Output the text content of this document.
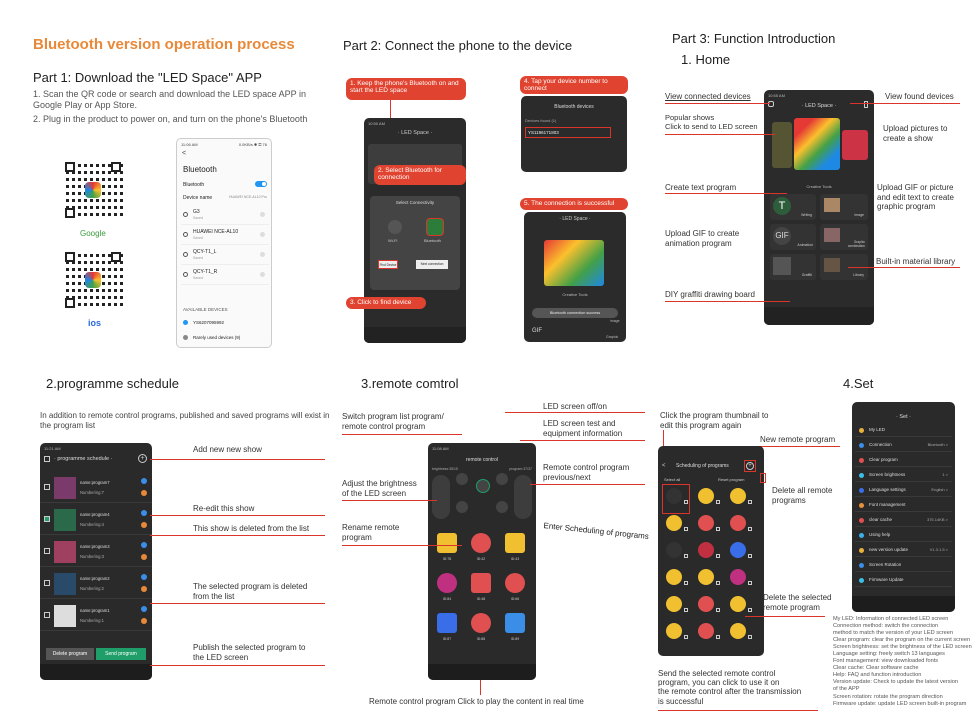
Bluetooth version operation process
Part 1: Download the "LED Space" APP
1. Scan the QR code or search and download the LED space APP in Google Play or App Store.
2. Plug in the product to power on, and turn on the phone's Bluetooth
Google
ios
11:06 AM	0.0KB/s ✱ ⚿ 76
<
Bluetooth
Bluetooth
Device name	HUAWEI NCE-AL10 Pro
G3
Saved
HUAWEI NCE-AL10
Saved
QCY-T1_L
Saved
QCY-T1_R
Saved
AVAILABLE DEVICES
YS6207095992
Rarely used devices (9)
Part 2: Connect the phone to the device
1. Keep the phone's Bluetooth on and start the LED space
10:50 AM
· LED Space ·
Select Connectivity
Wi-Fi	Bluetooth
Find Device	Next connection
2. Select Bluetooth for connection
3. Click to find device
4. Tap your device number to connect
Bluetooth devices
Devices found (1)
YS1196171803
5. The connection is successful
· LED Space ·
Creative Tools
Bluetooth connection success
image
GIF
Graphic
Part 3: Function Introduction
1. Home
10:55 AM
· LED Space ·
Creative Tools
T
Writing	image
GIF
Animation
Graphic
combination
Graffiti	Library
View connected devices	View found devices
Popular shows
Click to send to LED screen	Upload pictures to
create a show
Create text program	Upload GIF or picture
and edit text to create
graphic program
Upload GIF to create
animation program
Built-in material library
DIY graffiti drawing board
2.programme schedule
In addition to remote control programs, published and saved programs will exist in the program list
11:21 AM
· programme schedule ·	+
name:program7
Numbering:7
name:program4
Numbering:4
name:program3
Numbering:3
name:program2
Numbering:2
name:program1
Numbering:1
Delete program	Send program
Add new new show
Re-edit this show
This show is deleted from the list
The selected program is deleted
from the list
Publish the selected program to
the LED screen
3.remote comtrol
11:08 AM
remote control
brightness:35/15	program:37/37
ID:78	ID:42	ID:43
ID:84	ID:48	ID:66
ID:87	ID:88	ID:89
Switch program list program/
remote control program
LED screen off/on
LED screen test and
equipment information
Adjust the brightness
of the LED screen
Remote control program
previous/next
Rename remote
program	Enter Scheduling of programs
Remote control program Click to play the content in real time
Click the program thumbnail to
edit this program again
New remote program
< Scheduling of programs	+
Select all	Reset program
Delete all remote
programs
Delete the selected
remote program
Send the selected remote control
program, you can click to use it on
the remote control after the transmission
is successful
4.Set
· Set ·
My LED
Connection	Bluetooth >
Clear program
Screen brightness	1 >
Language settings	English >
Font management
clear cache	375.14KB >
Using help
new version update	V1.3.1.5 >
Screen Rotation
Firmware Update
My LED: Information of connected LED screen
Connection method: switch the connection
method to match the version of your LED screen
Clear program: clear the program on the current screen
Screen brightness: set the brightness of the LED screen
Language setting: freely switch 13 languages
Font management: view downloaded fonts
Clear cache: Clear software cache
Help: FAQ and function introduction
Version update: Check to update the latest version
of the APP
Screen rotation: rotate the program direction
Firmware update: update LED screen built-in program
